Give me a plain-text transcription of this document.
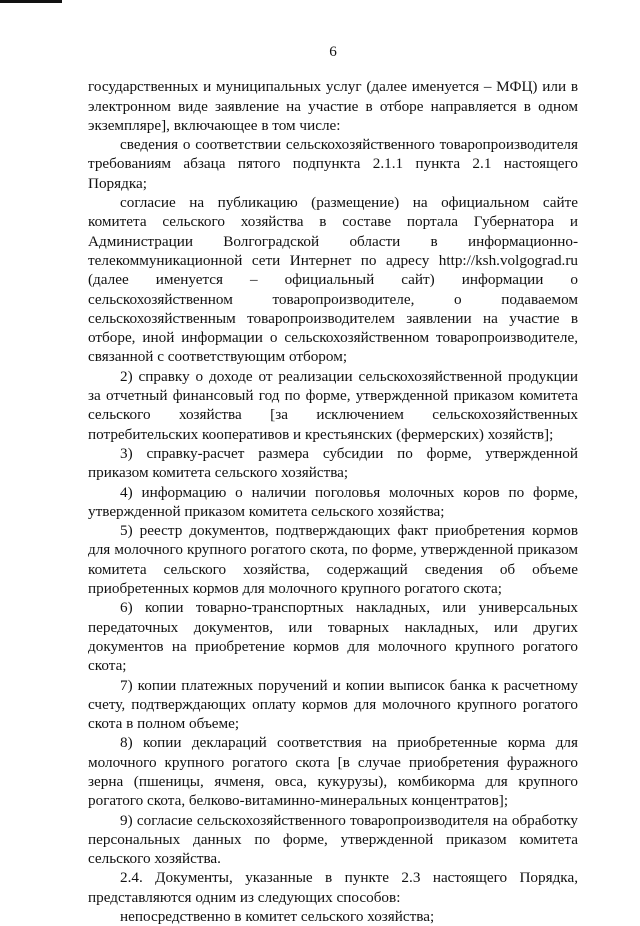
6

государственных и муниципальных услуг (далее именуется – МФЦ) или в электронном виде заявление на участие в отборе направляется в одном экземпляре], включающее в том числе:

сведения о соответствии сельскохозяйственного товаропроизводителя требованиям абзаца пятого подпункта 2.1.1 пункта 2.1 настоящего Порядка;

согласие на публикацию (размещение) на официальном сайте комитета сельского хозяйства в составе портала Губернатора и Администрации Волгоградской области в информационно-телекоммуникационной сети Интернет по адресу http://ksh.volgograd.ru (далее именуется – официальный сайт) информации о сельскохозяйственном товаропроизводителе, о подаваемом сельскохозяйственным товаропроизводителем заявлении на участие в отборе, иной информации о сельскохозяйственном товаропроизводителе, связанной с соответствующим отбором;

2) справку о доходе от реализации сельскохозяйственной продукции за отчетный финансовый год по форме, утвержденной приказом комитета сельского хозяйства [за исключением сельскохозяйственных потребительских кооперативов и крестьянских (фермерских) хозяйств];

3) справку-расчет размера субсидии по форме, утвержденной приказом комитета сельского хозяйства;

4) информацию о наличии поголовья молочных коров по форме, утвержденной приказом комитета сельского хозяйства;

5) реестр документов, подтверждающих факт приобретения кормов для молочного крупного рогатого скота, по форме, утвержденной приказом комитета сельского хозяйства, содержащий сведения об объеме приобретенных кормов для молочного крупного рогатого скота;

6) копии товарно-транспортных накладных, или универсальных передаточных документов, или товарных накладных, или других документов на приобретение кормов для молочного крупного рогатого скота;

7) копии платежных поручений и копии выписок банка к расчетному счету, подтверждающих оплату кормов для молочного крупного рогатого скота в полном объеме;

8) копии деклараций соответствия на приобретенные корма для молочного крупного рогатого скота [в случае приобретения фуражного зерна (пшеницы, ячменя, овса, кукурузы), комбикорма для крупного рогатого скота, белково-витаминно-минеральных концентратов];

9) согласие сельскохозяйственного товаропроизводителя на обработку персональных данных по форме, утвержденной приказом комитета сельского хозяйства.

2.4. Документы, указанные в пункте 2.3 настоящего Порядка, представляются одним из следующих способов:

непосредственно в комитет сельского хозяйства;
